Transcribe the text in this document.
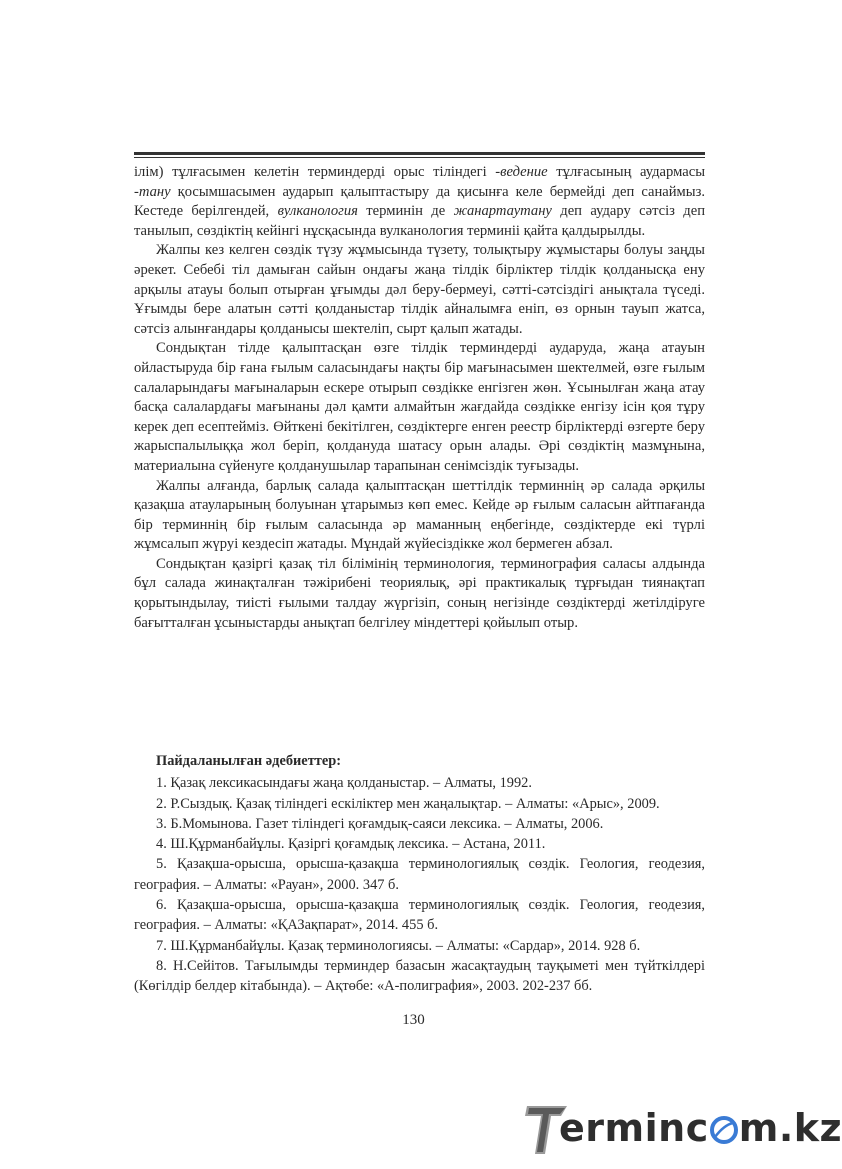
ілім) тұлғасымен келетін терминдерді орыс тіліндегі -ведение тұлғасының аудармасы -тану қосымшасымен аударып қалыптастыру да қисынға келе бермейді деп санаймыз. Кестеде берілгендей, вулканология терминін де жанартаутану деп аудару сәтсіз деп танылып, сөздіктің кейінгі нұсқасында вулканология терминіі қайта қалдырылды.

Жалпы кез келген сөздік түзу жұмысында түзету, толықтыру жұмыстары болуы заңды әрекет. Себебі тіл дамыған сайын ондағы жаңа тілдік бірліктер тілдік қолданысқа ену арқылы атауы болып отырған ұғымды дәл беру-бермеуі, сәтті-сәтсіздігі анықтала түседі. Ұғымды бере алатын сәтті қолданыстар тілдік айналымға еніп, өз орнын тауып жатса, сәтсіз алынғандары қолданысы шектеліп, сырт қалып жатады.

Сондықтан тілде қалыптасқан өзге тілдік терминдерді аударуда, жаңа атауын ойластыруда бір ғана ғылым саласындағы нақты бір мағынасымен шектелмей, өзге ғылым салаларындағы мағыналарын ескере отырып сөздікке енгізген жөн. Ұсынылған жаңа атау басқа салалардағы мағынаны дәл қамти алмайтын жағдайда сөздікке енгізу ісін қоя тұру керек деп есептейміз. Өйткені бекітілген, сөздіктерге енген реестр бірліктерді өзгерте беру жарыспалылыққа жол беріп, қолдануда шатасу орын алады. Әрі сөздіктің мазмұнына, материалына сүйенуге қолданушылар тарапынан сенімсіздік туғызады.

Жалпы алғанда, барлық салада қалыптасқан шеттілдік терминнің әр салада әрқилы қазақша атауларының болуынан ұтарымыз көп емес. Кейде әр ғылым саласын айтпағанда бір терминнің бір ғылым саласында әр маманның еңбегінде, сөздіктерде екі түрлі жұмсалып жүруі кездесіп жатады. Мұндай жүйесіздікке жол бермеген абзал.

Сондықтан қазіргі қазақ тіл білімінің терминология, терминография саласы алдында бұл салада жинақталған тәжірибені теориялық, әрі практикалық тұрғыдан тиянақтап қорытындылау, тиісті ғылыми талдау жүргізіп, соның негізінде сөздіктерді жетілдіруге бағытталған ұсыныстарды анықтап белгілеу міндеттері қойылып отыр.

Пайдаланылған әдебиеттер:

1. Қазақ лексикасындағы жаңа қолданыстар. – Алматы, 1992.

2. Р.Сыздық. Қазақ тіліндегі ескіліктер мен жаңалықтар. – Алматы: «Арыс», 2009.

3. Б.Момынова. Газет тіліндегі қоғамдық-саяси лексика. – Алматы, 2006.

4. Ш.Құрманбайұлы. Қазіргі қоғамдық лексика. – Астана, 2011.

5. Қазақша-орысша, орысша-қазақша терминологиялық сөздік. Геология, геодезия, география. – Алматы: «Рауан», 2000. 347 б.

6. Қазақша-орысша, орысша-қазақша терминологиялық сөздік. Геология, геодезия, география. – Алматы: «ҚАЗақпарат», 2014. 455 б.

7. Ш.Құрманбайұлы. Қазақ терминологиясы. – Алматы: «Сардар», 2014. 928 б.

8. Н.Сейітов. Тағылымды терминдер базасын жасақтаудың тауқыметі мен түйткілдері (Көгілдір белдер кітабында). – Ақтөбе: «А-полиграфия», 2003. 202-237 бб.

130
erminc m.kz
